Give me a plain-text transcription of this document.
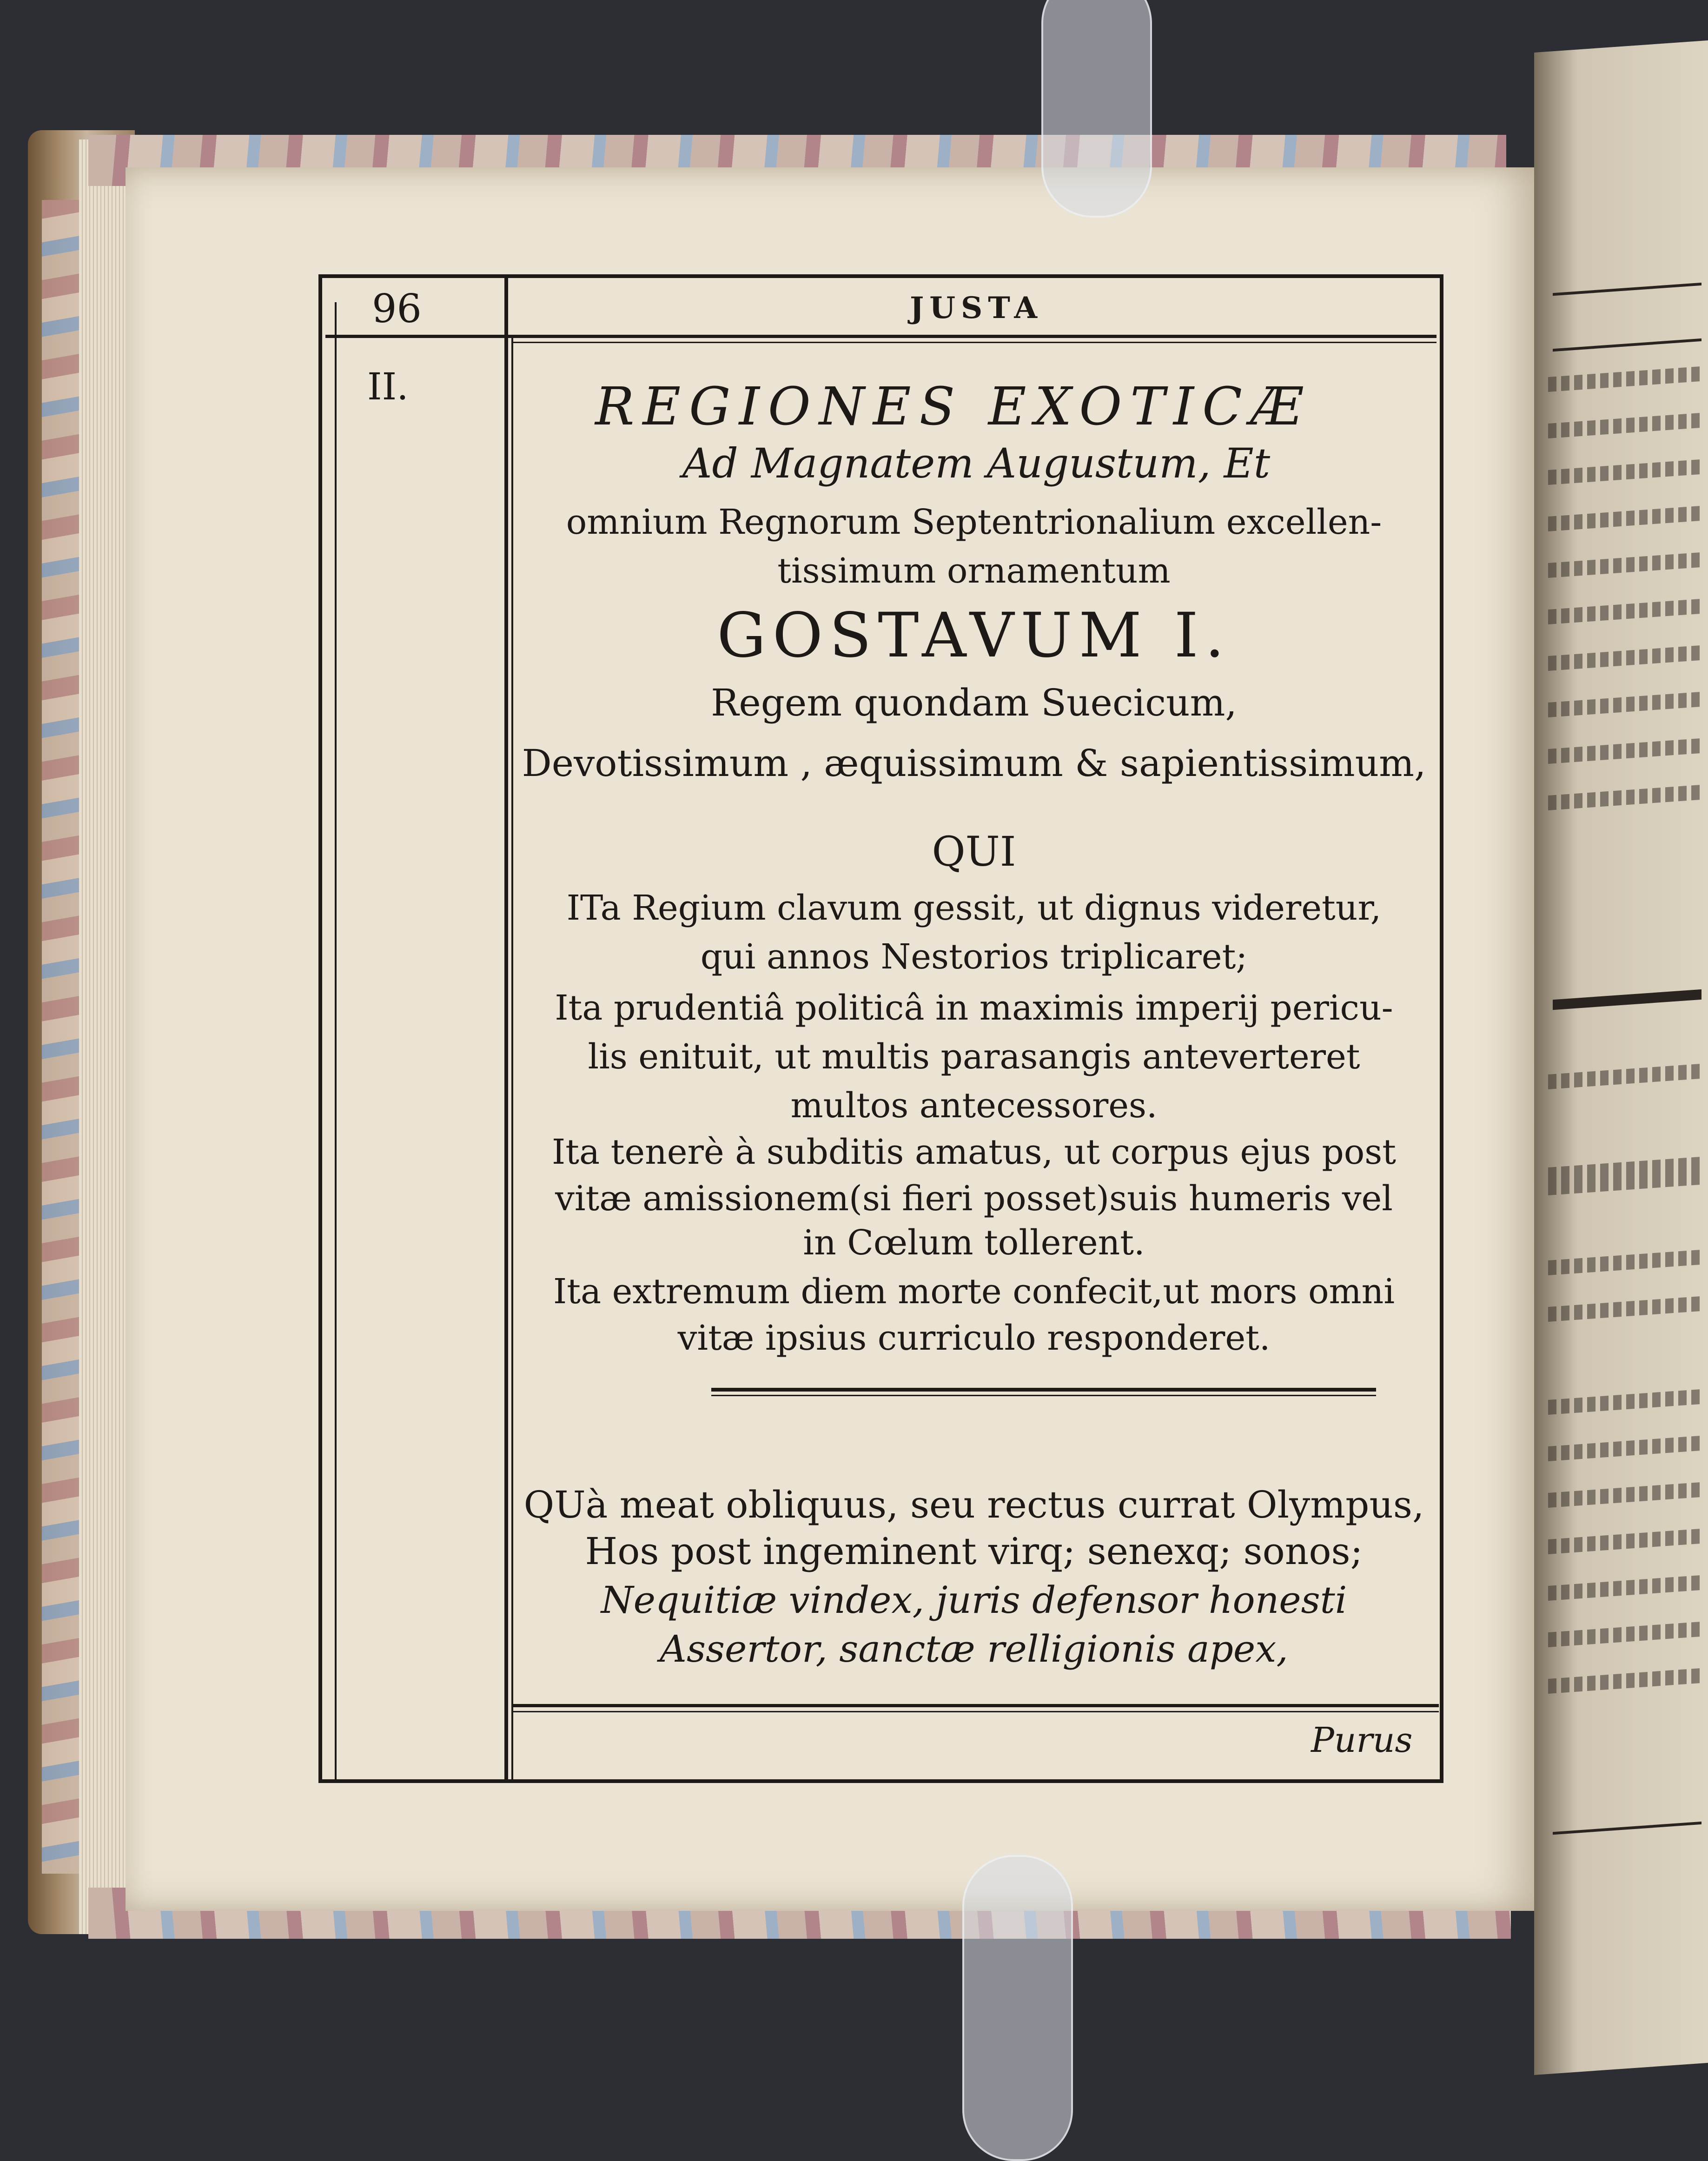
96	JUSTA
II.	REGIONES EXOTICÆ
Ad Magnatem Augustum, Et
omnium Regnorum Septentrionalium excellen-
tissimum ornamentum
GOSTAVUM I.
Regem quondam Suecicum,
Devotissimum , æquissimum & sapientissimum,
QUI
ITa Regium clavum gessit, ut dignus videretur,
qui annos Nestorios triplicaret;
Ita prudentiâ politicâ in maximis imperij pericu-
lis enituit, ut multis parasangis anteverteret
multos antecessores.
Ita tenerè à subditis amatus, ut corpus ejus post
vitæ amissionem(si fieri posset)suis humeris vel
in Cœlum tollerent.
Ita extremum diem morte confecit,ut mors omni
vitæ ipsius curriculo responderet.
QUà meat obliquus, seu rectus currat Olympus,
Hos post ingeminent virq; senexq; sonos;
Nequitiæ vindex, juris defensor honesti
Assertor, sanctæ relligionis apex,
Purus
